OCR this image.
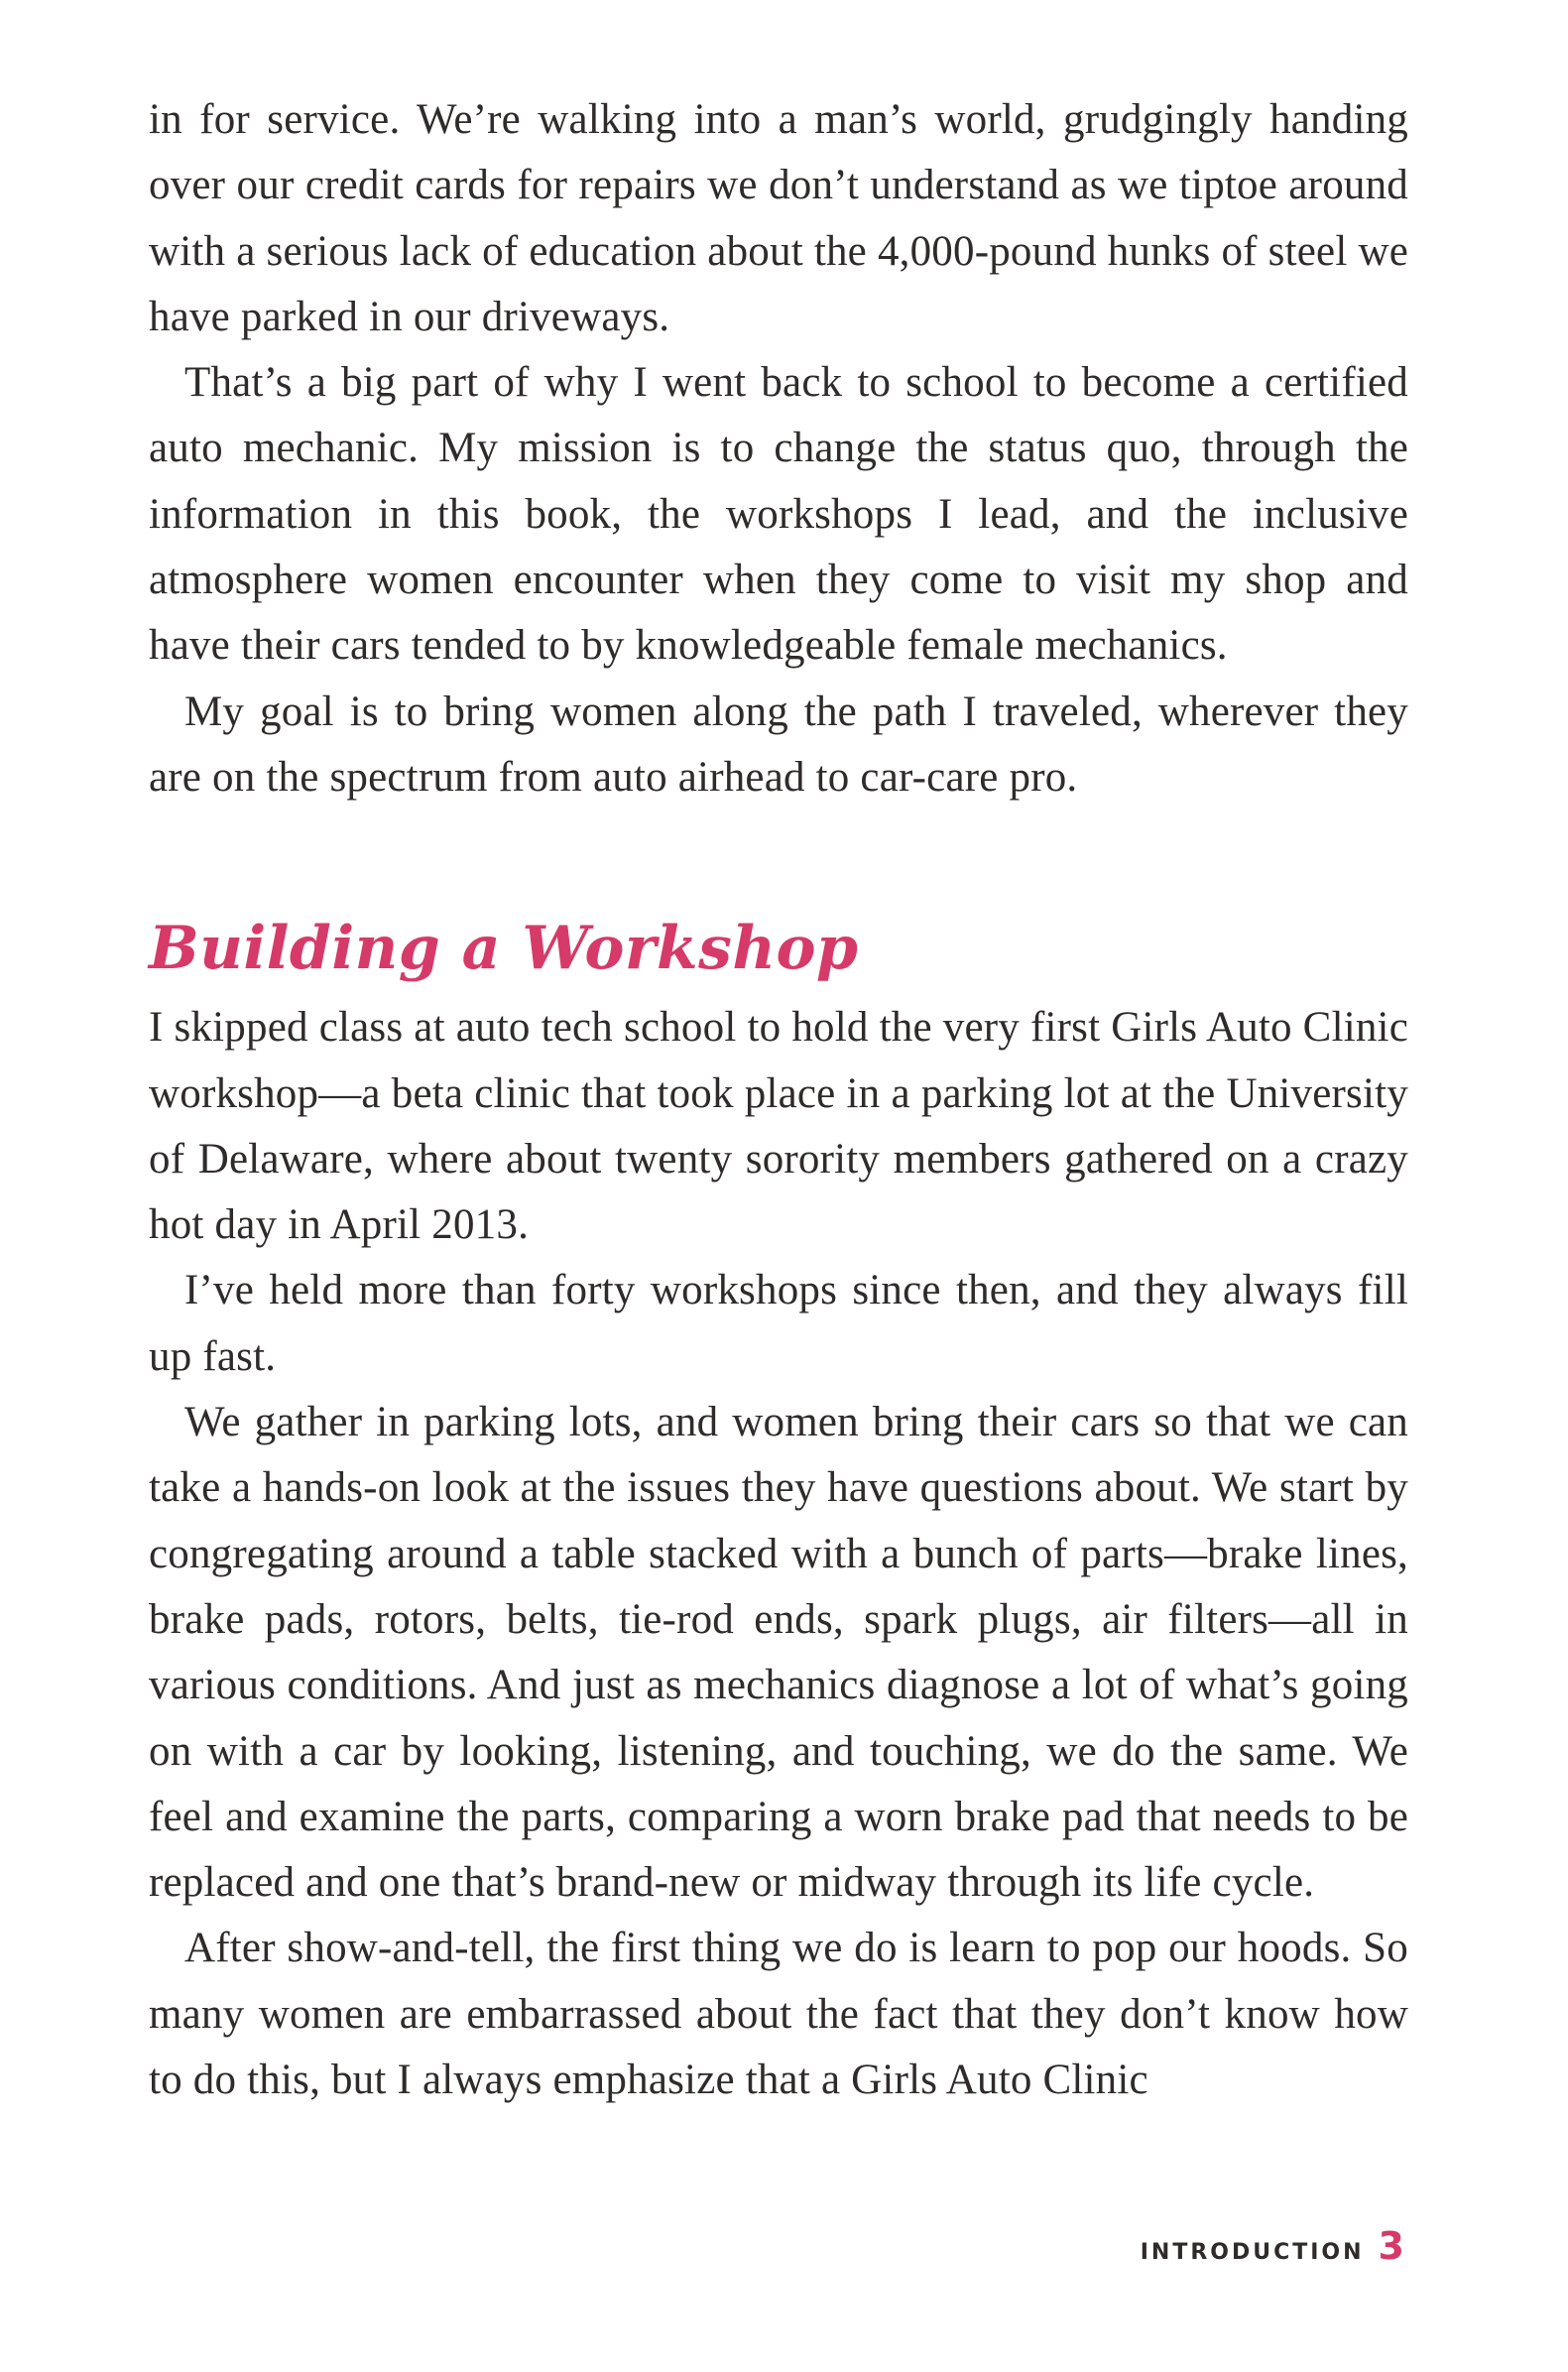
in for service. We’re walking into a man’s world, grudgingly handing over our credit cards for repairs we don’t understand as we tiptoe around with a serious lack of education about the 4,000-pound hunks of steel we have parked in our driveways.

That’s a big part of why I went back to school to become a certified auto mechanic. My mission is to change the status quo, through the information in this book, the workshops I lead, and the inclusive atmosphere women encounter when they come to visit my shop and have their cars tended to by knowledgeable female mechanics.

My goal is to bring women along the path I traveled, wherever they are on the spectrum from auto airhead to car-care pro.

Building a Workshop

I skipped class at auto tech school to hold the very first Girls Auto Clinic workshop—a beta clinic that took place in a parking lot at the University of Delaware, where about twenty sorority members gathered on a crazy hot day in April 2013.

I’ve held more than forty workshops since then, and they always fill up fast.

We gather in parking lots, and women bring their cars so that we can take a hands-on look at the issues they have questions about. We start by congregating around a table stacked with a bunch of parts—brake lines, brake pads, rotors, belts, tie-rod ends, spark plugs, air filters—all in various conditions. And just as mechanics diagnose a lot of what’s going on with a car by looking, listening, and touching, we do the same. We feel and examine the parts, comparing a worn brake pad that needs to be replaced and one that’s brand-new or midway through its life cycle.

After show-and-tell, the first thing we do is learn to pop our hoods. So many women are embarrassed about the fact that they don’t know how to do this, but I always emphasize that a Girls Auto Clinic

INTRODUCTION 3
